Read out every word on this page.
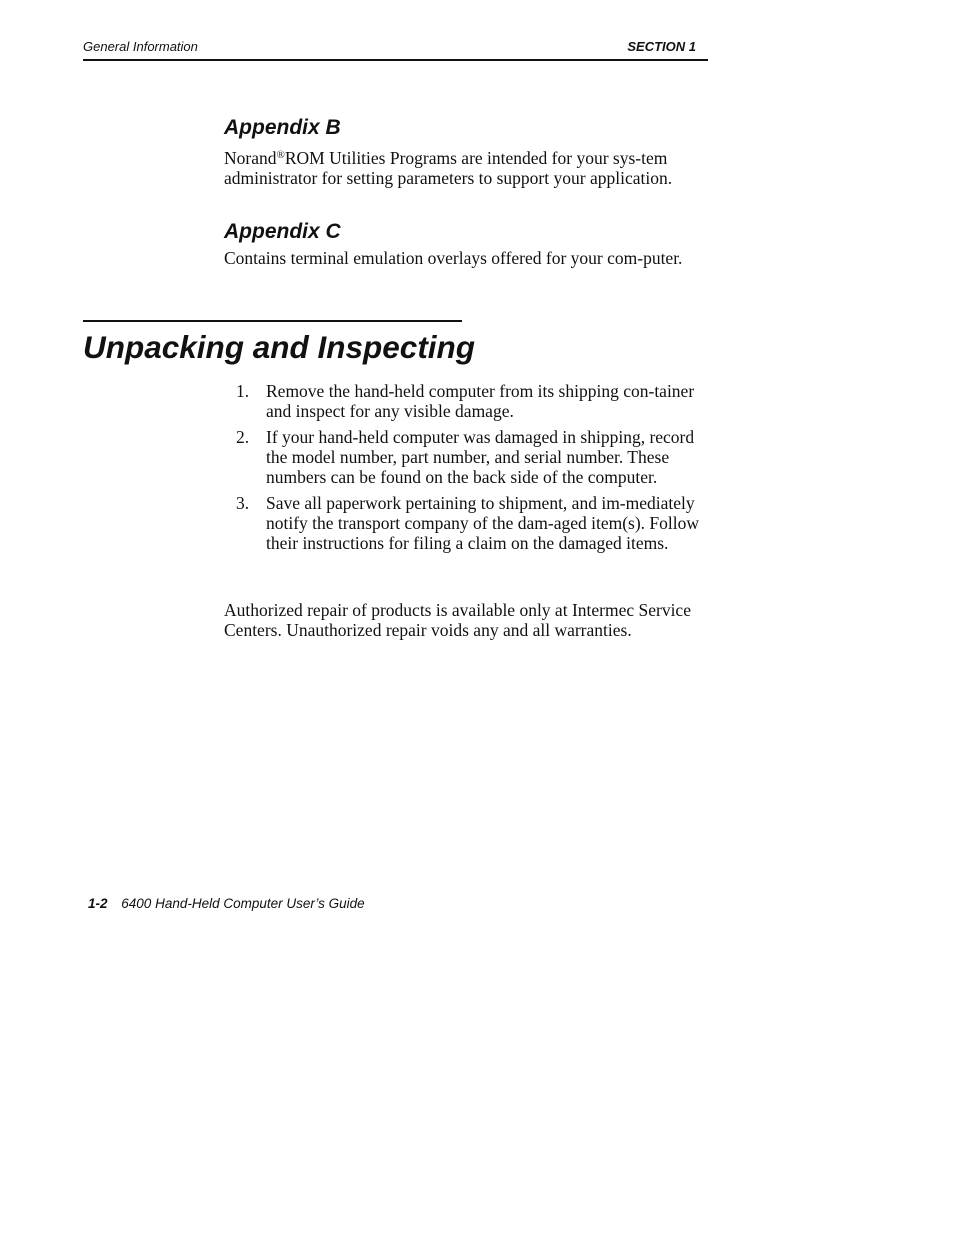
General Information	SECTION 1
Appendix B

Norand®ROM Utilities Programs are intended for your sys-tem administrator for setting parameters to support your application.

Appendix C

Contains terminal emulation overlays offered for your com-puter.

Unpacking and Inspecting
1. Remove the hand-held computer from its shipping con-tainer and inspect for any visible damage.
2. If your hand-held computer was damaged in shipping, record the model number, part number, and serial number. These numbers can be found on the back side of the computer.
3. Save all paperwork pertaining to shipment, and im-mediately notify the transport company of the dam-aged item(s). Follow their instructions for filing a claim on the damaged items.

Authorized repair of products is available only at Intermec Service Centers. Unauthorized repair voids any and all warranties.

1-2 6400 Hand-Held Computer User’s Guide
